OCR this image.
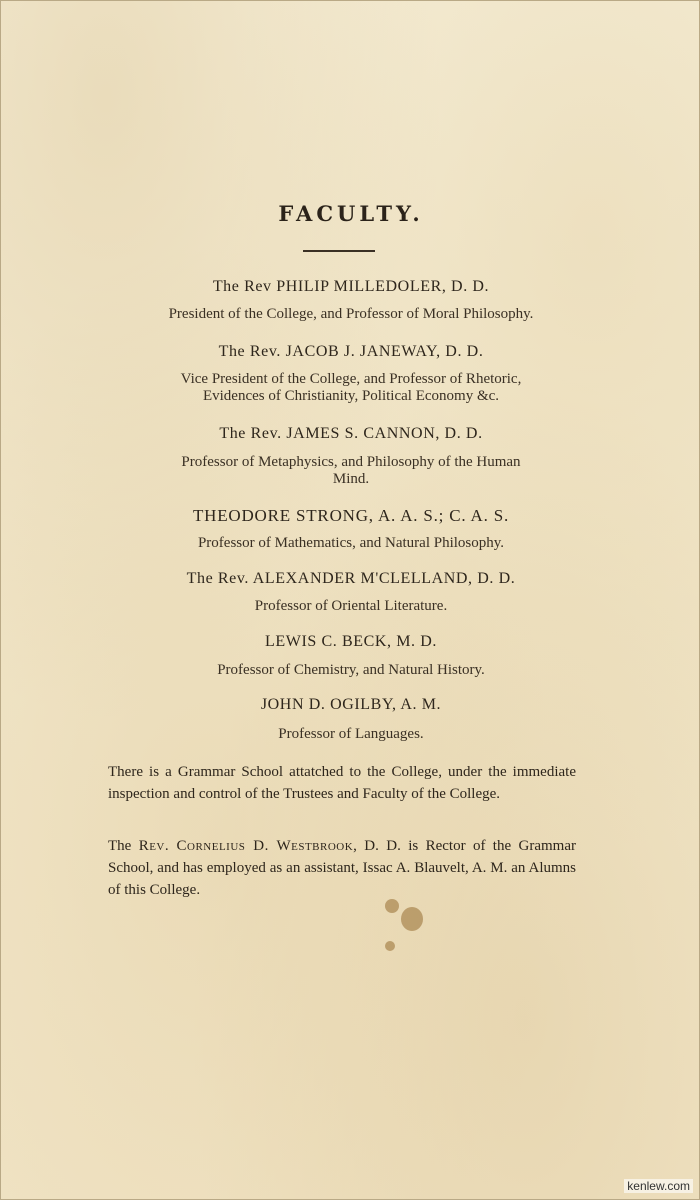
FACULTY.
The Rev PHILIP MILLEDOLER, D. D.
President of the College, and Professor of Moral Philosophy.
The Rev. JACOB J. JANEWAY, D. D.
Vice President of the College, and Professor of Rhetoric,
Evidences of Christianity, Political Economy &c.
The Rev. JAMES S. CANNON, D. D.
Professor of Metaphysics, and Philosophy of the Human
Mind.
THEODORE STRONG, A. A. S.; C. A. S.
Professor of Mathematics, and Natural Philosophy.
The Rev. ALEXANDER M'CLELLAND, D. D.
Professor of Oriental Literature.
LEWIS C. BECK, M. D.
Professor of Chemistry, and Natural History.
JOHN D. OGILBY, A. M.
Professor of Languages.
There is a Grammar School attatched to the College, under the immediate inspection and control of the Trustees and Faculty of the College.
The Rev. Cornelius D. Westbrook, D. D. is Rector of the Grammar School, and has employed as an assistant, Issac A. Blauvelt, A. M. an Alumns of this College.
kenlew.com
